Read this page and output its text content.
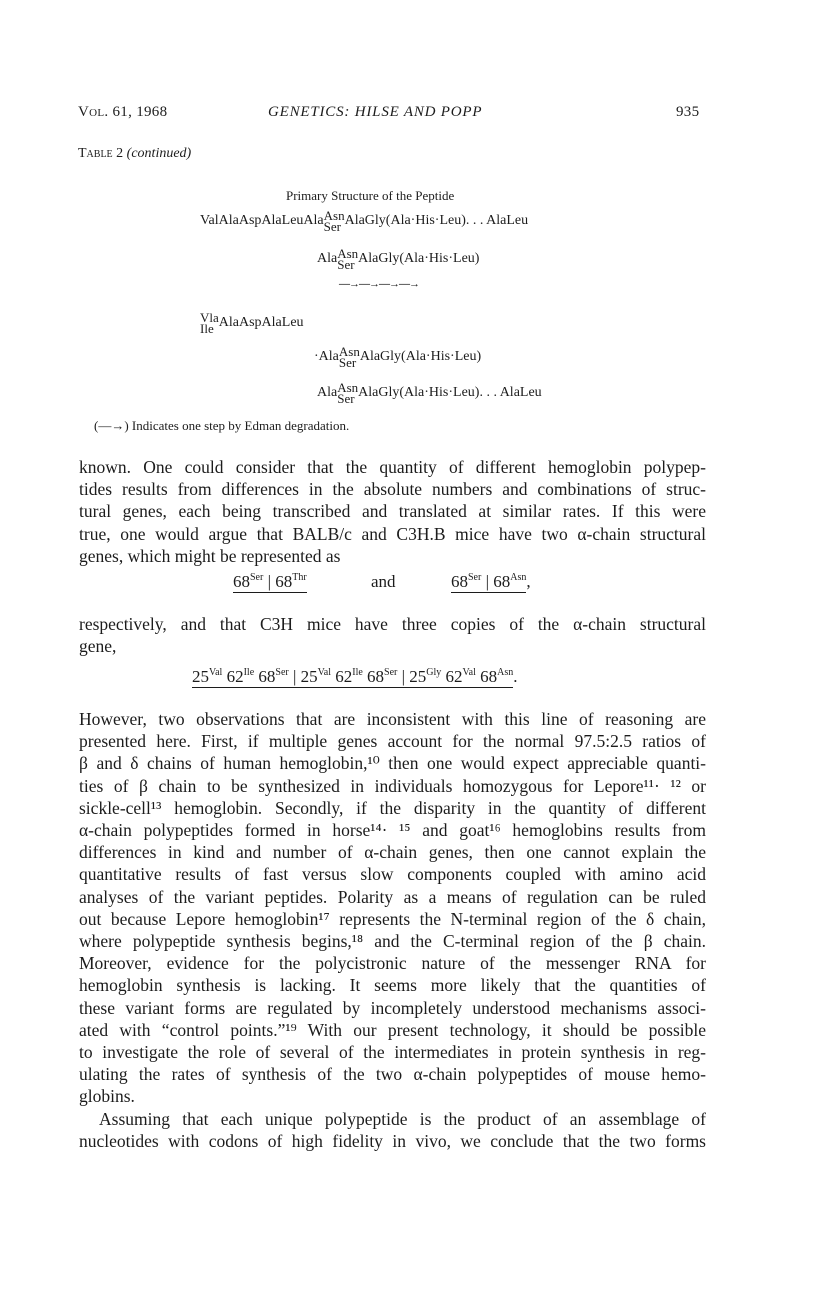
Vol. 61, 1968	GENETICS: HILSE AND POPP	935
Table 2 (continued)
Primary Structure of the Peptide
ValAlaAspAlaLeuAla Asn
Ser AlaGly(Ala·His·Leu). . . AlaLeu
Ala Asn
Ser AlaGly(Ala·His·Leu)
—→—→—→—→
Vla
Ile AlaAspAlaLeu
·Ala Asn
Ser AlaGly(Ala·His·Leu)
Ala Asn
Ser AlaGly(Ala·His·Leu). . . AlaLeu
(—→) Indicates one step by Edman degradation.
known. One could consider that the quantity of different hemoglobin polypep-
tides results from differences in the absolute numbers and combinations of struc-
tural genes, each being transcribed and translated at similar rates. If this were
true, one would argue that BALB/c and C3H.B mice have two α-chain structural
genes, which might be represented as
$68^{Ser}$ | $68^{Thr}$	and	$68^{Ser}$ | $68^{Asn}$,
respectively, and that C3H mice have three copies of the α-chain structural
gene,
$25^{Val}$ $62^{Ile}$ $68^{Ser}$ | $25^{Val}$ $62^{Ile}$ $68^{Ser}$ | $25^{Gly}$ $62^{Val}$ $68^{Asn}$.
However, two observations that are inconsistent with this line of reasoning are
presented here. First, if multiple genes account for the normal 97.5:2.5 ratios of
β and δ chains of human hemoglobin,¹⁰ then one would expect appreciable quanti-
ties of β chain to be synthesized in individuals homozygous for Lepore¹¹· ¹² or
sickle-cell¹³ hemoglobin. Secondly, if the disparity in the quantity of different
α-chain polypeptides formed in horse¹⁴· ¹⁵ and goat¹⁶ hemoglobins results from
differences in kind and number of α-chain genes, then one cannot explain the
quantitative results of fast versus slow components coupled with amino acid
analyses of the variant peptides. Polarity as a means of regulation can be ruled
out because Lepore hemoglobin¹⁷ represents the N-terminal region of the δ chain,
where polypeptide synthesis begins,¹⁸ and the C-terminal region of the β chain.
Moreover, evidence for the polycistronic nature of the messenger RNA for
hemoglobin synthesis is lacking. It seems more likely that the quantities of
these variant forms are regulated by incompletely understood mechanisms associ-
ated with “control points.”¹⁹ With our present technology, it should be possible
to investigate the role of several of the intermediates in protein synthesis in reg-
ulating the rates of synthesis of the two α-chain polypeptides of mouse hemo-
globins.
Assuming that each unique polypeptide is the product of an assemblage of
nucleotides with codons of high fidelity in vivo, we conclude that the two forms
